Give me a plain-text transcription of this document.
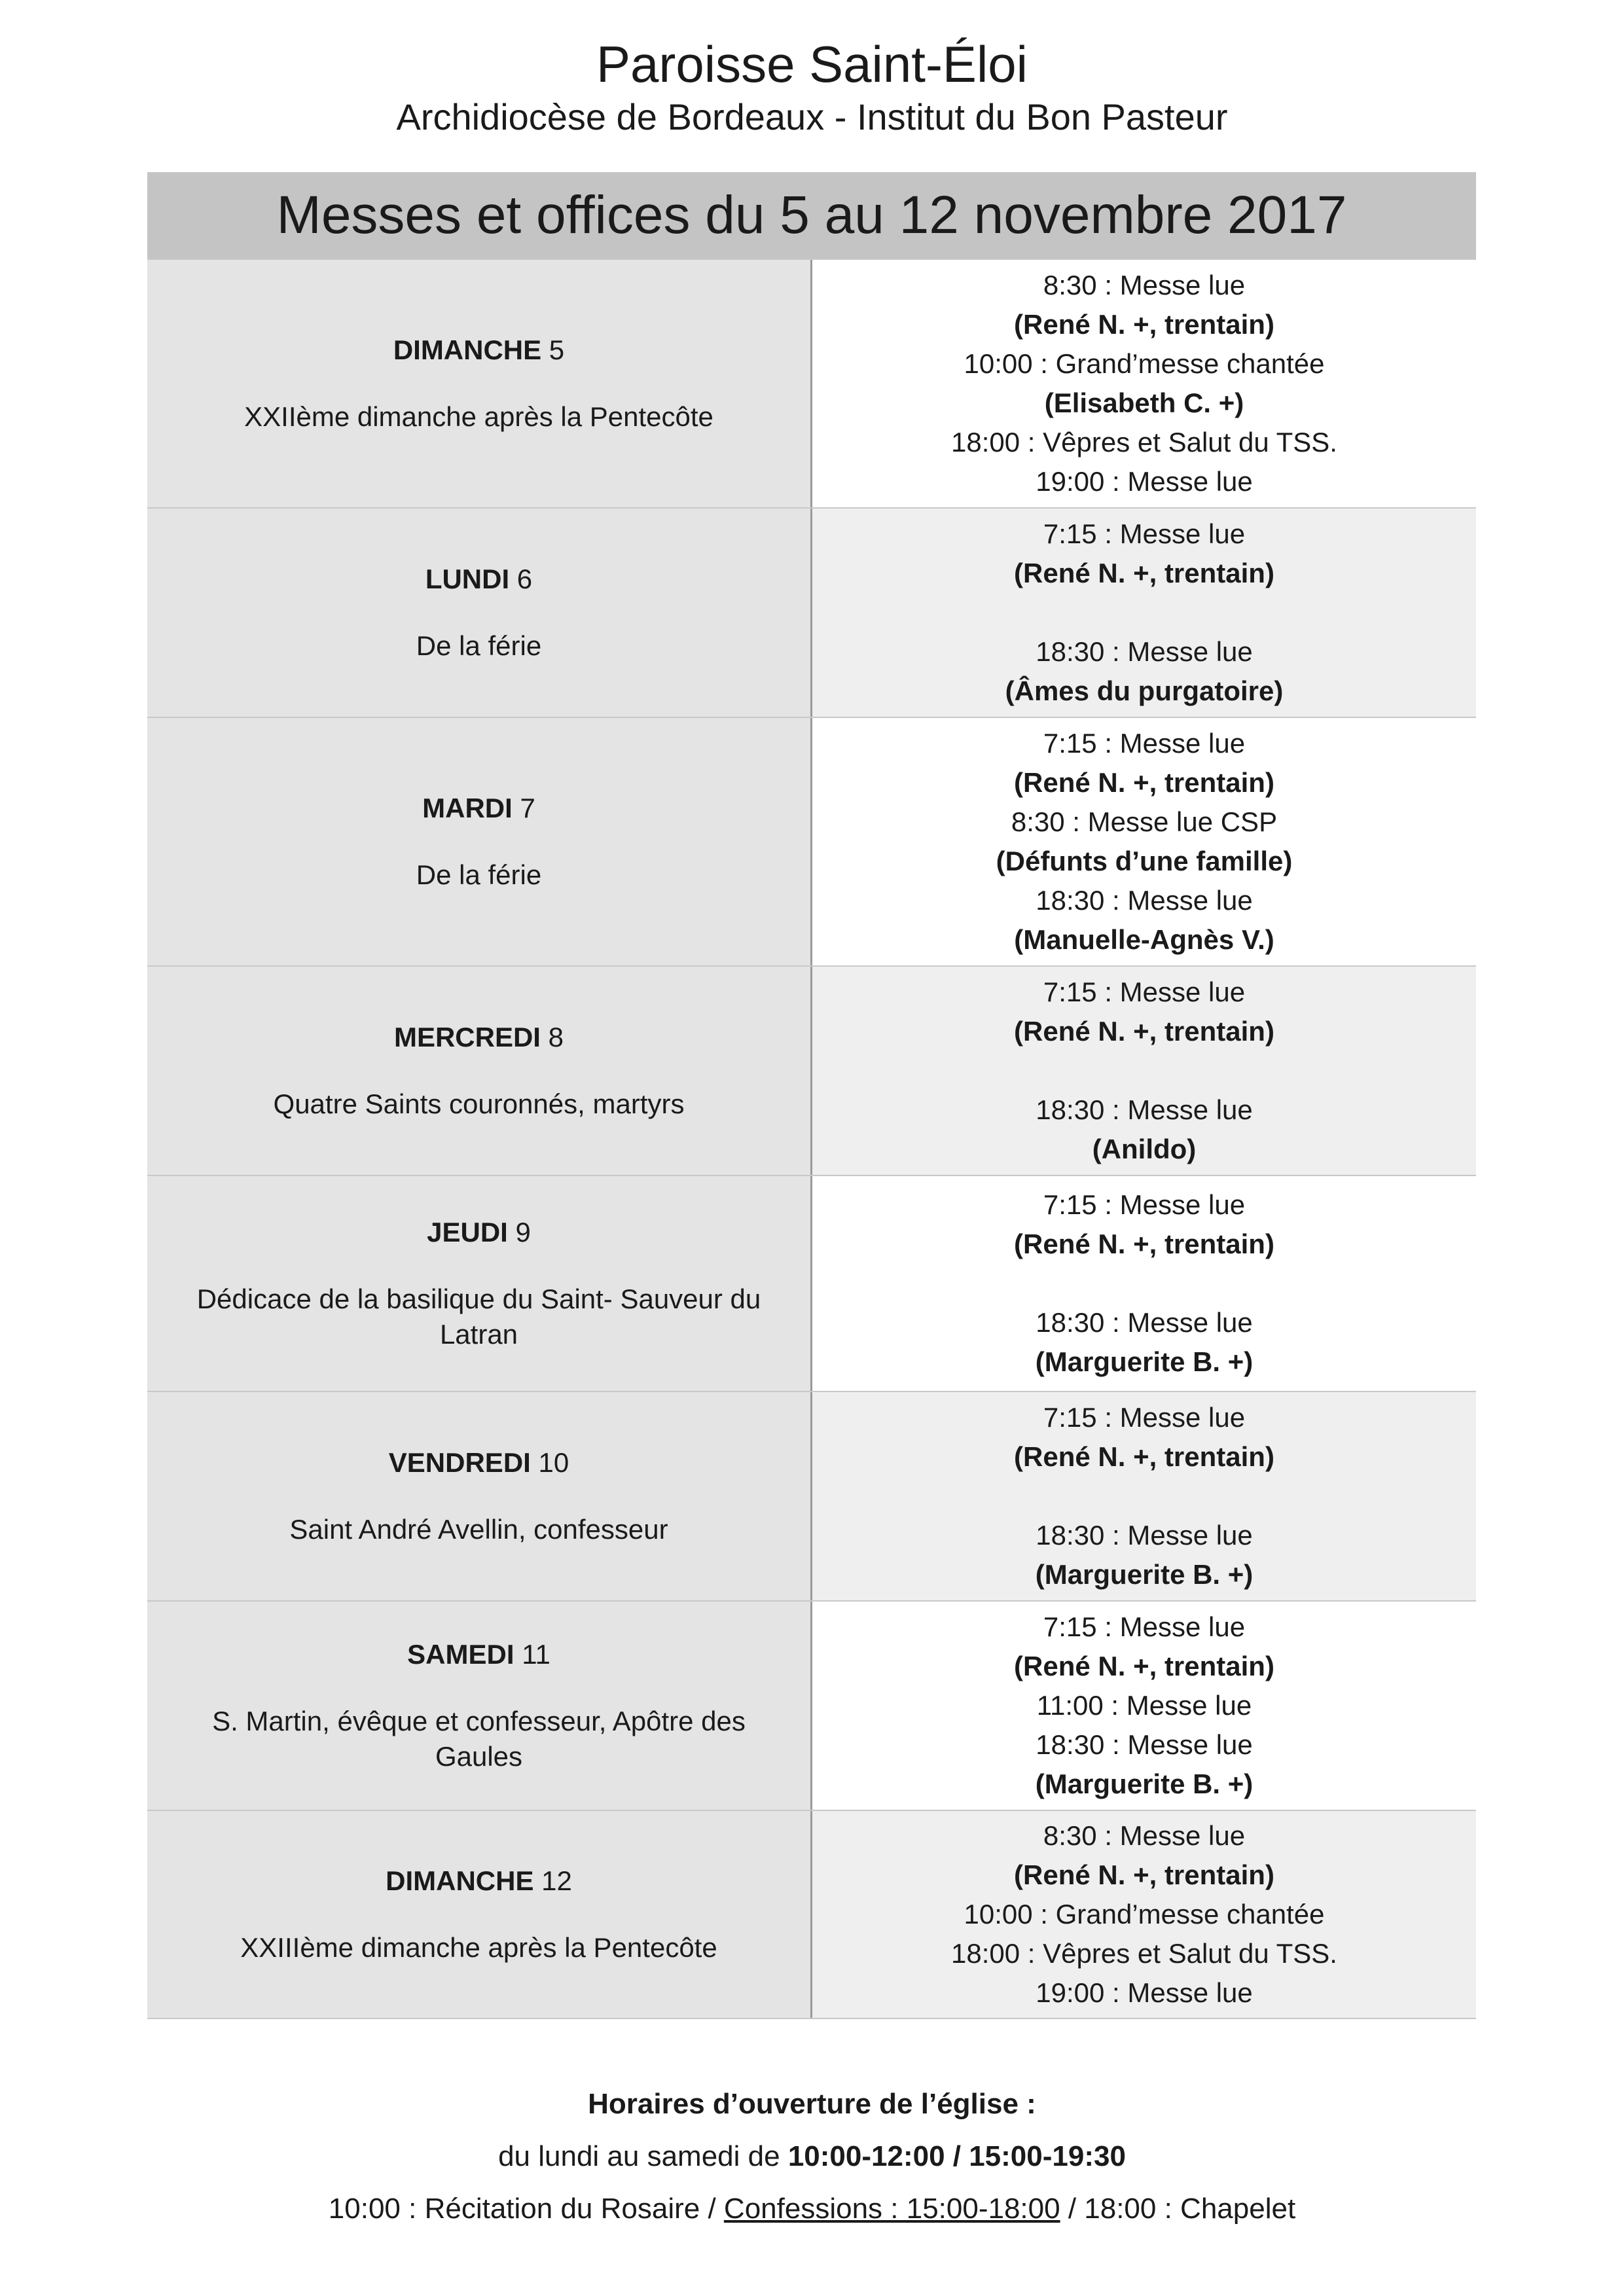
Paroisse Saint-Éloi
Archidiocèse de Bordeaux - Institut du Bon Pasteur
Messes et offices du 5 au 12 novembre 2017
DIMANCHE 5
XXIIème dimanche après la Pentecôte
8:30 : Messe lue
(René N. +, trentain)
10:00 : Grand’messe chantée
(Elisabeth C. +)
18:00 : Vêpres et Salut du TSS.
19:00 : Messe lue
LUNDI 6
De la férie
7:15 : Messe lue
(René N. +, trentain)
18:30 : Messe lue
(Âmes du purgatoire)
MARDI 7
De la férie
7:15 : Messe lue
(René N. +, trentain)
8:30 : Messe lue CSP
(Défunts d’une famille)
18:30 : Messe lue
(Manuelle-Agnès V.)
MERCREDI 8
Quatre Saints couronnés, martyrs
7:15 : Messe lue
(René N. +, trentain)
18:30 : Messe lue
(Anildo)
JEUDI 9
Dédicace de la basilique du Saint- Sauveur du Latran
7:15 : Messe lue
(René N. +, trentain)
18:30 : Messe lue
(Marguerite B. +)
VENDREDI 10
Saint André Avellin, confesseur
7:15 : Messe lue
(René N. +, trentain)
18:30 : Messe lue
(Marguerite B. +)
SAMEDI 11
S. Martin, évêque et confesseur, Apôtre des Gaules
7:15 : Messe lue
(René N. +, trentain)
11:00 : Messe lue
18:30 : Messe lue
(Marguerite B. +)
DIMANCHE 12
XXIIIème dimanche après la Pentecôte
8:30 : Messe lue
(René N. +, trentain)
10:00 : Grand’messe chantée
18:00 : Vêpres et Salut du TSS.
19:00 : Messe lue
Horaires d’ouverture de l’église :
du lundi au samedi de 10:00-12:00 / 15:00-19:30
10:00 : Récitation du Rosaire / Confessions : 15:00-18:00 / 18:00 : Chapelet
